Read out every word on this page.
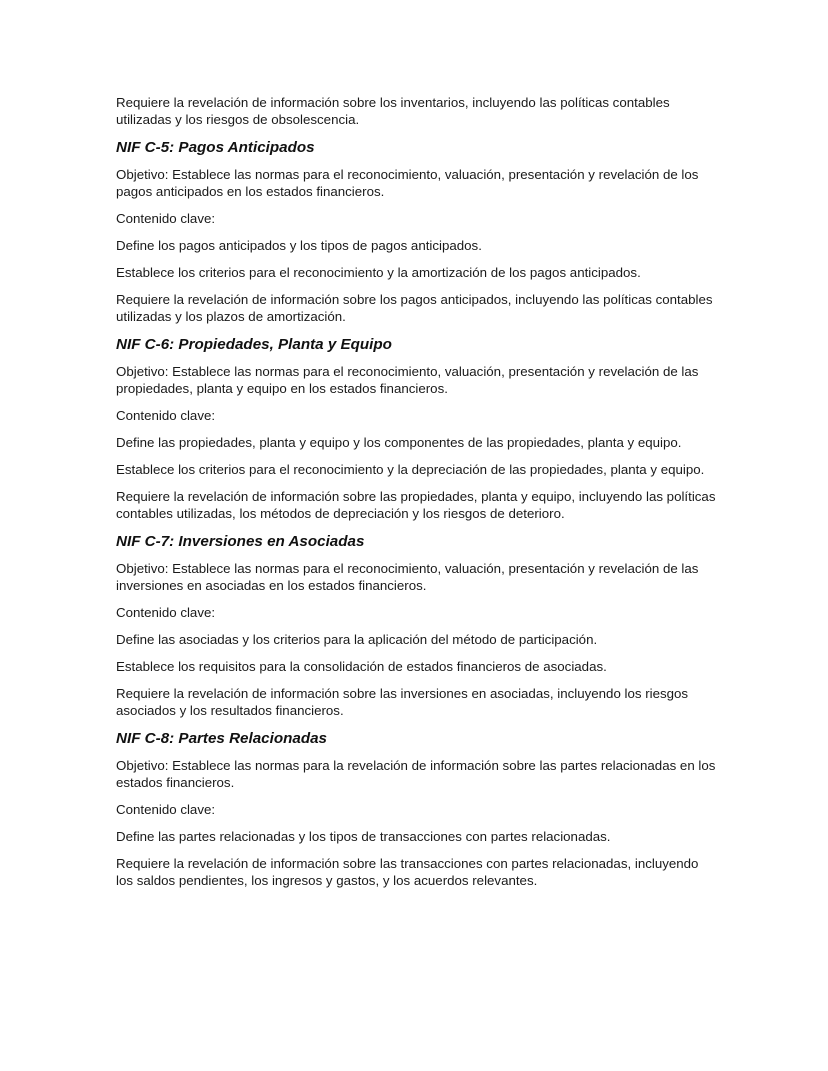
Requiere la revelación de información sobre los inventarios, incluyendo las políticas contables utilizadas y los riesgos de obsolescencia.

NIF C-5: Pagos Anticipados

Objetivo: Establece las normas para el reconocimiento, valuación, presentación y revelación de los pagos anticipados en los estados financieros.

Contenido clave:

Define los pagos anticipados y los tipos de pagos anticipados.

Establece los criterios para el reconocimiento y la amortización de los pagos anticipados.

Requiere la revelación de información sobre los pagos anticipados, incluyendo las políticas contables utilizadas y los plazos de amortización.

NIF C-6: Propiedades, Planta y Equipo

Objetivo: Establece las normas para el reconocimiento, valuación, presentación y revelación de las propiedades, planta y equipo en los estados financieros.

Contenido clave:

Define las propiedades, planta y equipo y los componentes de las propiedades, planta y equipo.

Establece los criterios para el reconocimiento y la depreciación de las propiedades, planta y equipo.

Requiere la revelación de información sobre las propiedades, planta y equipo, incluyendo las políticas contables utilizadas, los métodos de depreciación y los riesgos de deterioro.

NIF C-7: Inversiones en Asociadas

Objetivo: Establece las normas para el reconocimiento, valuación, presentación y revelación de las inversiones en asociadas en los estados financieros.

Contenido clave:

Define las asociadas y los criterios para la aplicación del método de participación.

Establece los requisitos para la consolidación de estados financieros de asociadas.

Requiere la revelación de información sobre las inversiones en asociadas, incluyendo los riesgos asociados y los resultados financieros.

NIF C-8: Partes Relacionadas

Objetivo: Establece las normas para la revelación de información sobre las partes relacionadas en los estados financieros.

Contenido clave:

Define las partes relacionadas y los tipos de transacciones con partes relacionadas.

Requiere la revelación de información sobre las transacciones con partes relacionadas, incluyendo los saldos pendientes, los ingresos y gastos, y los acuerdos relevantes.
